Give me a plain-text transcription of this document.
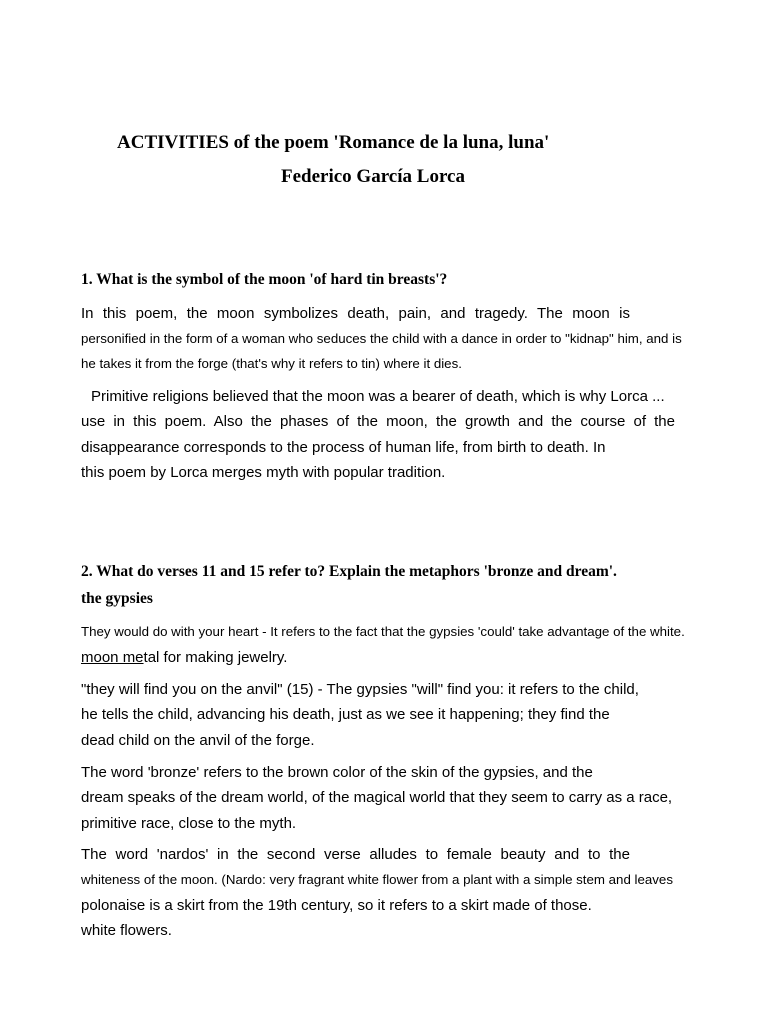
ACTIVITIES of the poem 'Romance de la luna, luna'
Federico García Lorca
1. What is the symbol of the moon 'of hard tin breasts'?
In this poem, the moon symbolizes death, pain, and tragedy. The moon is
personified in the form of a woman who seduces the child with a dance in order to "kidnap" him, and is
he takes it from the forge (that's why it refers to tin) where it dies.
Primitive religions believed that the moon was a bearer of death, which is why Lorca ...
use in this poem. Also the phases of the moon, the growth and the course of the
disappearance corresponds to the process of human life, from birth to death. In
this poem by Lorca merges myth with popular tradition.
2. What do verses 11 and 15 refer to? Explain the metaphors 'bronze and dream'.
the gypsies
They would do with your heart - It refers to the fact that the gypsies 'could' take advantage of the white.
moon metal for making jewelry.
"they will find you on the anvil" (15) - The gypsies "will" find you: it refers to the child,
he tells the child, advancing his death, just as we see it happening; they find the
dead child on the anvil of the forge.
The word 'bronze' refers to the brown color of the skin of the gypsies, and the
dream speaks of the dream world, of the magical world that they seem to carry as a race,
primitive race, close to the myth.
The word 'nardos' in the second verse alludes to female beauty and to the
whiteness of the moon. (Nardo: very fragrant white flower from a plant with a simple stem and leaves
polonaise is a skirt from the 19th century, so it refers to a skirt made of those.
white flowers.
